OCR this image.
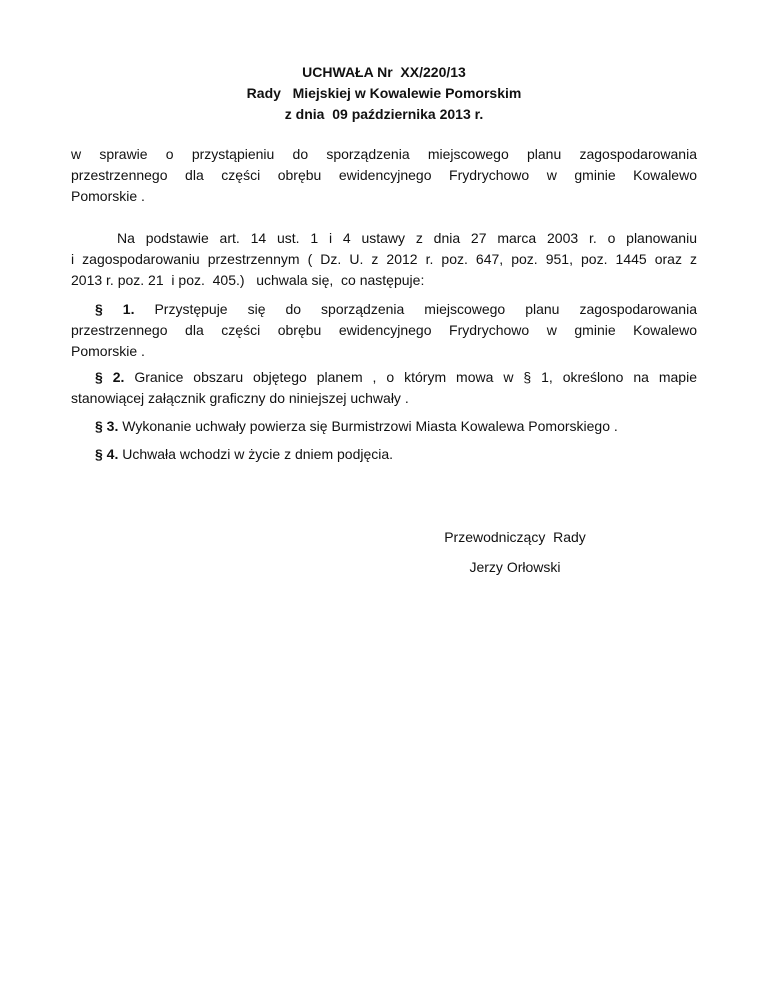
UCHWAŁA Nr  XX/220/13
Rady   Miejskiej w Kowalewie Pomorskim
z dnia  09 października 2013 r.
w sprawie o przystąpieniu do sporządzenia miejscowego planu zagospodarowania
przestrzennego dla części obrębu ewidencyjnego Frydrychowo w gminie Kowalewo
Pomorskie .
Na podstawie art. 14 ust. 1 i 4 ustawy z dnia 27 marca 2003 r. o planowaniu
i zagospodarowaniu przestrzennym ( Dz. U. z 2012 r. poz. 647, poz. 951, poz. 1445 oraz z
2013 r. poz. 21  i poz.  405.)   uchwala się,  co następuje:
§ 1. Przystępuje się do sporządzenia miejscowego planu zagospodarowania
przestrzennego dla części obrębu ewidencyjnego Frydrychowo w gminie Kowalewo
Pomorskie .
§ 2. Granice obszaru objętego planem , o którym mowa w § 1, określono na mapie
stanowiącej załącznik graficzny do niniejszej uchwały .
§ 3. Wykonanie uchwały powierza się Burmistrzowi Miasta Kowalewa Pomorskiego .
§ 4. Uchwała wchodzi w życie z dniem podjęcia.
Przewodniczący  Rady
Jerzy Orłowski
